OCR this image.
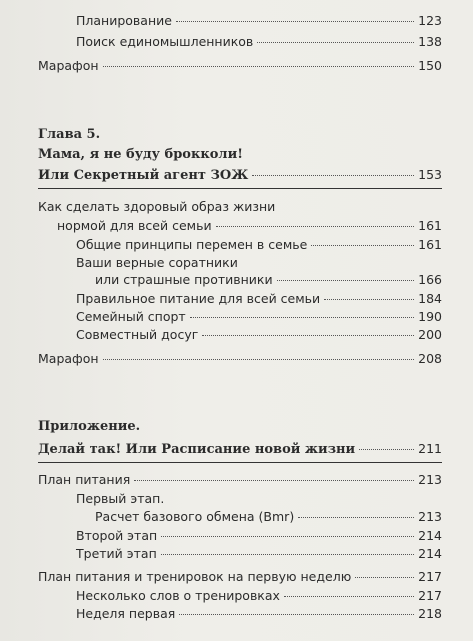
Планирование	123
Поиск единомышленников	138
Марафон	150
Глава 5.
Мама, я не буду брокколи!
Или Секретный агент ЗОЖ	153
Как сделать здоровый образ жизни
нормой для всей семьи	161
Общие принципы перемен в семье	161
Ваши верные соратники
или страшные противники	166
Правильное питание для всей семьи	184
Семейный спорт	190
Совместный досуг	200
Марафон	208
Приложение.
Делай так! Или Расписание новой жизни	211
План питания	213
Первый этап.
Расчет базового обмена (Bmr)	213
Второй этап	214
Третий этап	214
План питания и тренировок на первую неделю	217
Несколько слов о тренировках	217
Неделя первая	218
